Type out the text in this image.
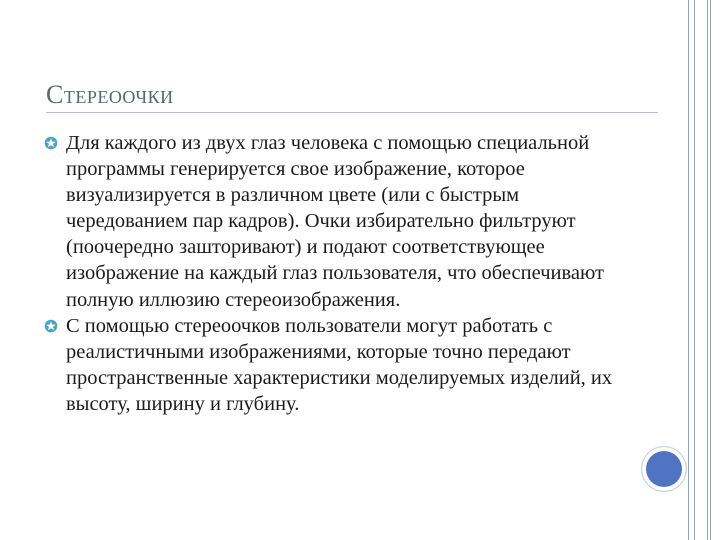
Стереоочки
Для каждого из двух глаз человека с помощью специальной программы генерируется свое изображение, которое визуализируется в различном цвете (или с быстрым чередованием пар кадров). Очки избирательно фильтруют (поочередно зашторивают) и подают соответствующее изображение на каждый глаз пользователя, что обеспечивают полную иллюзию стереоизображения.
С помощью стереоочков пользователи могут работать с реалистичными изображениями, которые точно передают пространственные характеристики моделируемых изделий, их высоту, ширину и глубину.
